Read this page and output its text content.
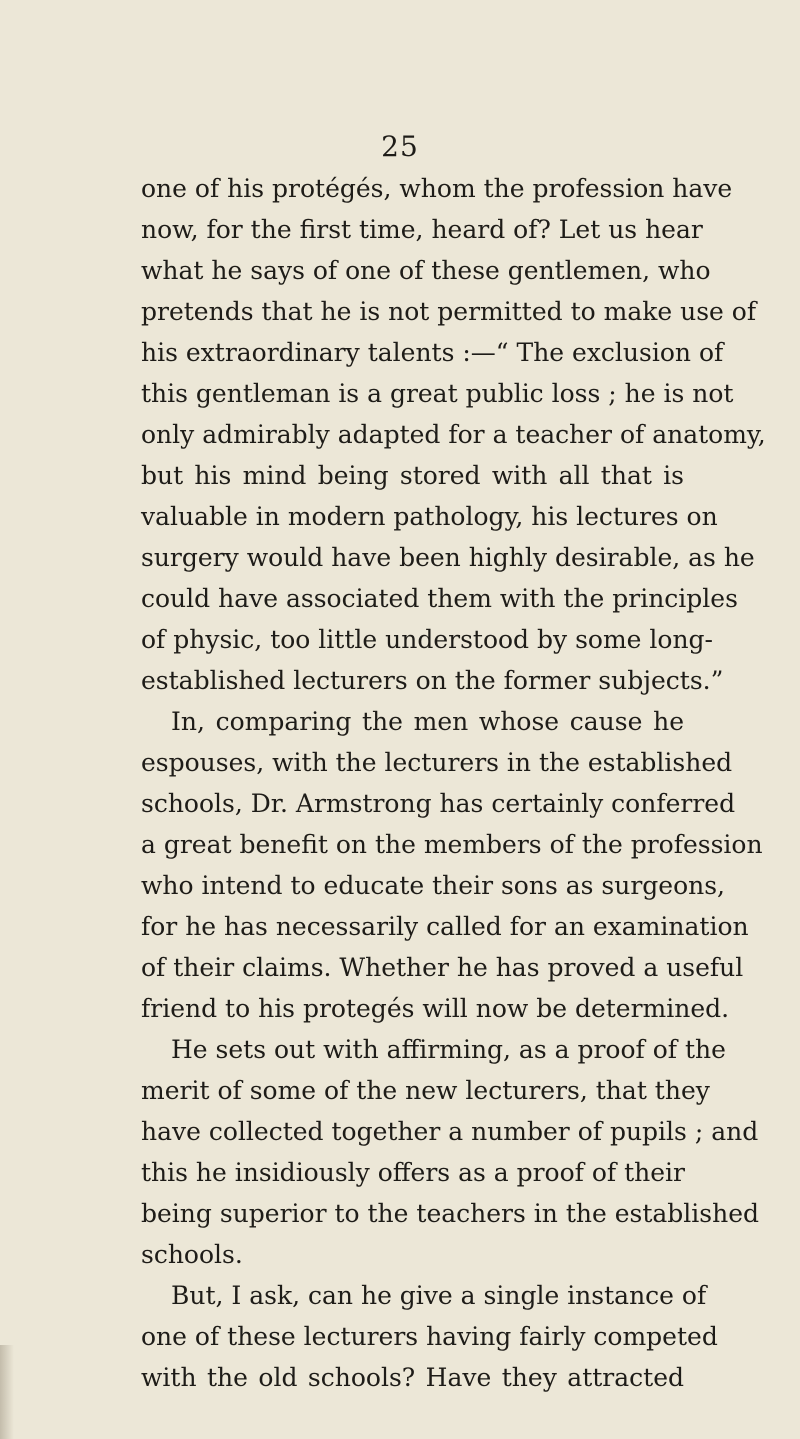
25
one of his protégés, whom the profession have
now, for the first time, heard of? Let us hear
what he says of one of these gentlemen, who
pretends that he is not permitted to make use of
his extraordinary talents :—“ The exclusion of
this gentleman is a great public loss ; he is not
only admirably adapted for a teacher of anatomy,
but his mind being stored with all that is
valuable in modern pathology, his lectures on
surgery would have been highly desirable, as he
could have associated them with the principles
of physic, too little understood by some long-
established lecturers on the former subjects.”
In, comparing the men whose cause he
espouses, with the lecturers in the established
schools, Dr. Armstrong has certainly conferred
a great benefit on the members of the profession
who intend to educate their sons as surgeons,
for he has necessarily called for an examination
of their claims. Whether he has proved a useful
friend to his protegés will now be determined.
He sets out with affirming, as a proof of the
merit of some of the new lecturers, that they
have collected together a number of pupils ; and
this he insidiously offers as a proof of their
being superior to the teachers in the established
schools.
But, I ask, can he give a single instance of
one of these lecturers having fairly competed
with the old schools? Have they attracted
